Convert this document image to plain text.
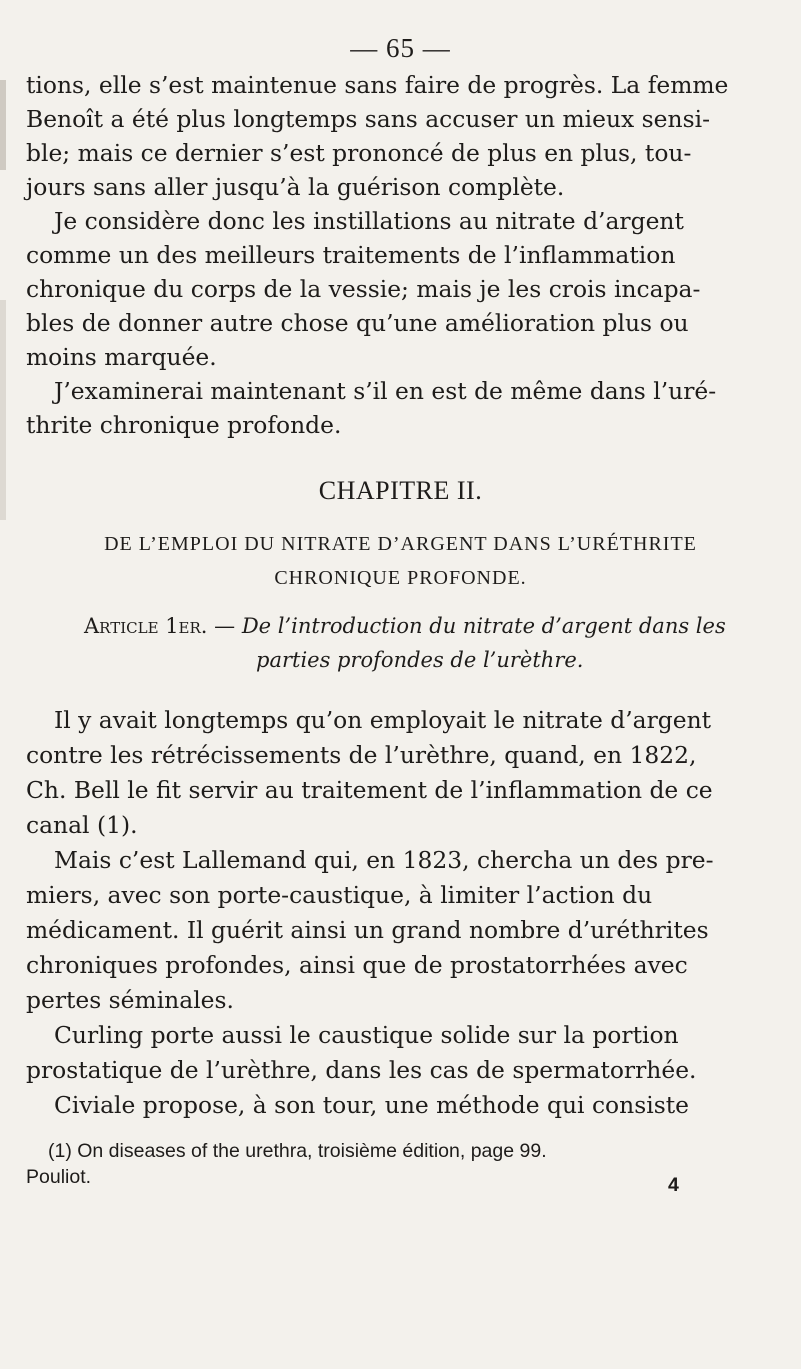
— 65 —
tions, elle s’est maintenue sans faire de progrès. La femme
Benoît a été plus longtemps sans accuser un mieux sensi-
ble; mais ce dernier s’est prononcé de plus en plus, tou-
jours sans aller jusqu’à la guérison complète.
Je considère donc les instillations au nitrate d’argent
comme un des meilleurs traitements de l’inflammation
chronique du corps de la vessie; mais je les crois incapa-
bles de donner autre chose qu’une amélioration plus ou
moins marquée.
J’examinerai maintenant s’il en est de même dans l’uré-
thrite chronique profonde.
CHAPITRE II.
DE L’EMPLOI DU NITRATE D’ARGENT DANS L’URÉTHRITE
CHRONIQUE PROFONDE.
Article 1er. — De l’introduction du nitrate d’argent dans les
parties profondes de l’urèthre.
Il y avait longtemps qu’on employait le nitrate d’argent
contre les rétrécissements de l’urèthre, quand, en 1822,
Ch. Bell le fit servir au traitement de l’inflammation de ce
canal (1).
Mais c’est Lallemand qui, en 1823, chercha un des pre-
miers, avec son porte-caustique, à limiter l’action du
médicament. Il guérit ainsi un grand nombre d’uréthrites
chroniques profondes, ainsi que de prostatorrhées avec
pertes séminales.
Curling porte aussi le caustique solide sur la portion
prostatique de l’urèthre, dans les cas de spermatorrhée.
Civiale propose, à son tour, une méthode qui consiste
(1) On diseases of the urethra, troisième édition, page 99.
Pouliot.	4
